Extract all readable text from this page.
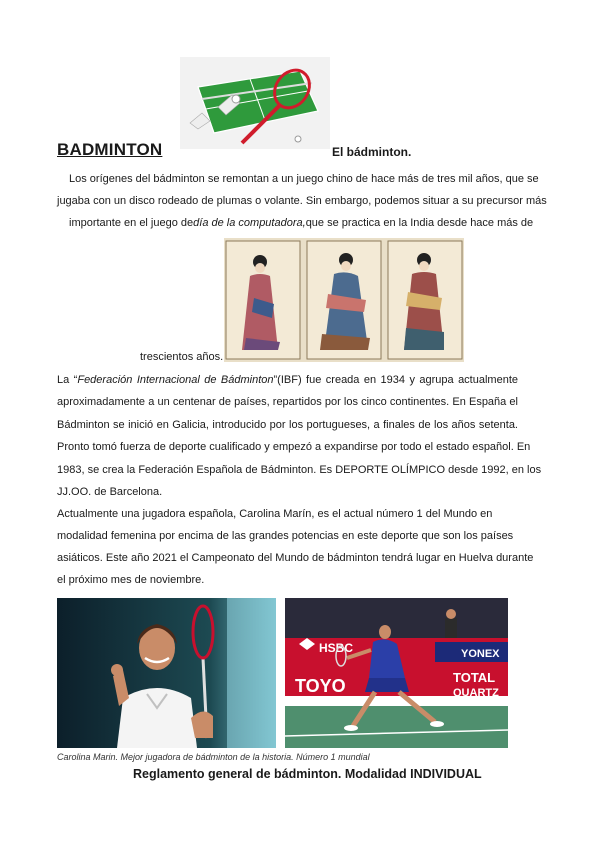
BADMINTON	El bádminton.
Los orígenes del bádminton se remontan a un juego chino de hace más de tres mil años, que se
jugaba con un disco rodeado de plumas o volante. Sin embargo, podemos situar a su precursor más
importante en el juego dedía de la computadora,que se practica en la India desde hace más de
trescientos años.
La “Federación Internacional de Bádminton”(IBF) fue creada en 1934 y agrupa actualmente
aproximadamente a un centenar de países, repartidos por los cinco continentes. En España el
Bádminton se inició en Galicia, introducido por los portugueses, a finales de los años setenta.
Pronto tomó fuerza de deporte cualificado y empezó a expandirse por todo el estado español. En
1983, se crea la Federación Española de Bádminton. Es DEPORTE OLÍMPICO desde 1992, en los
JJ.OO. de Barcelona.
Actualmente una jugadora española, Carolina Marín, es el actual número 1 del Mundo en
modalidad femenina por encima de las grandes potencias en este deporte que son los países
asiáticos. Este año 2021 el Campeonato del Mundo de bádminton tendrá lugar en Huelva durante
el próximo mes de noviembre.
HSBC
TOYO	TOTAL
QUARTZ
YONEX
Carolina Marin. Mejor jugadora de bádminton de la historia. Número 1 mundial
Reglamento general de bádminton. Modalidad INDIVIDUAL
